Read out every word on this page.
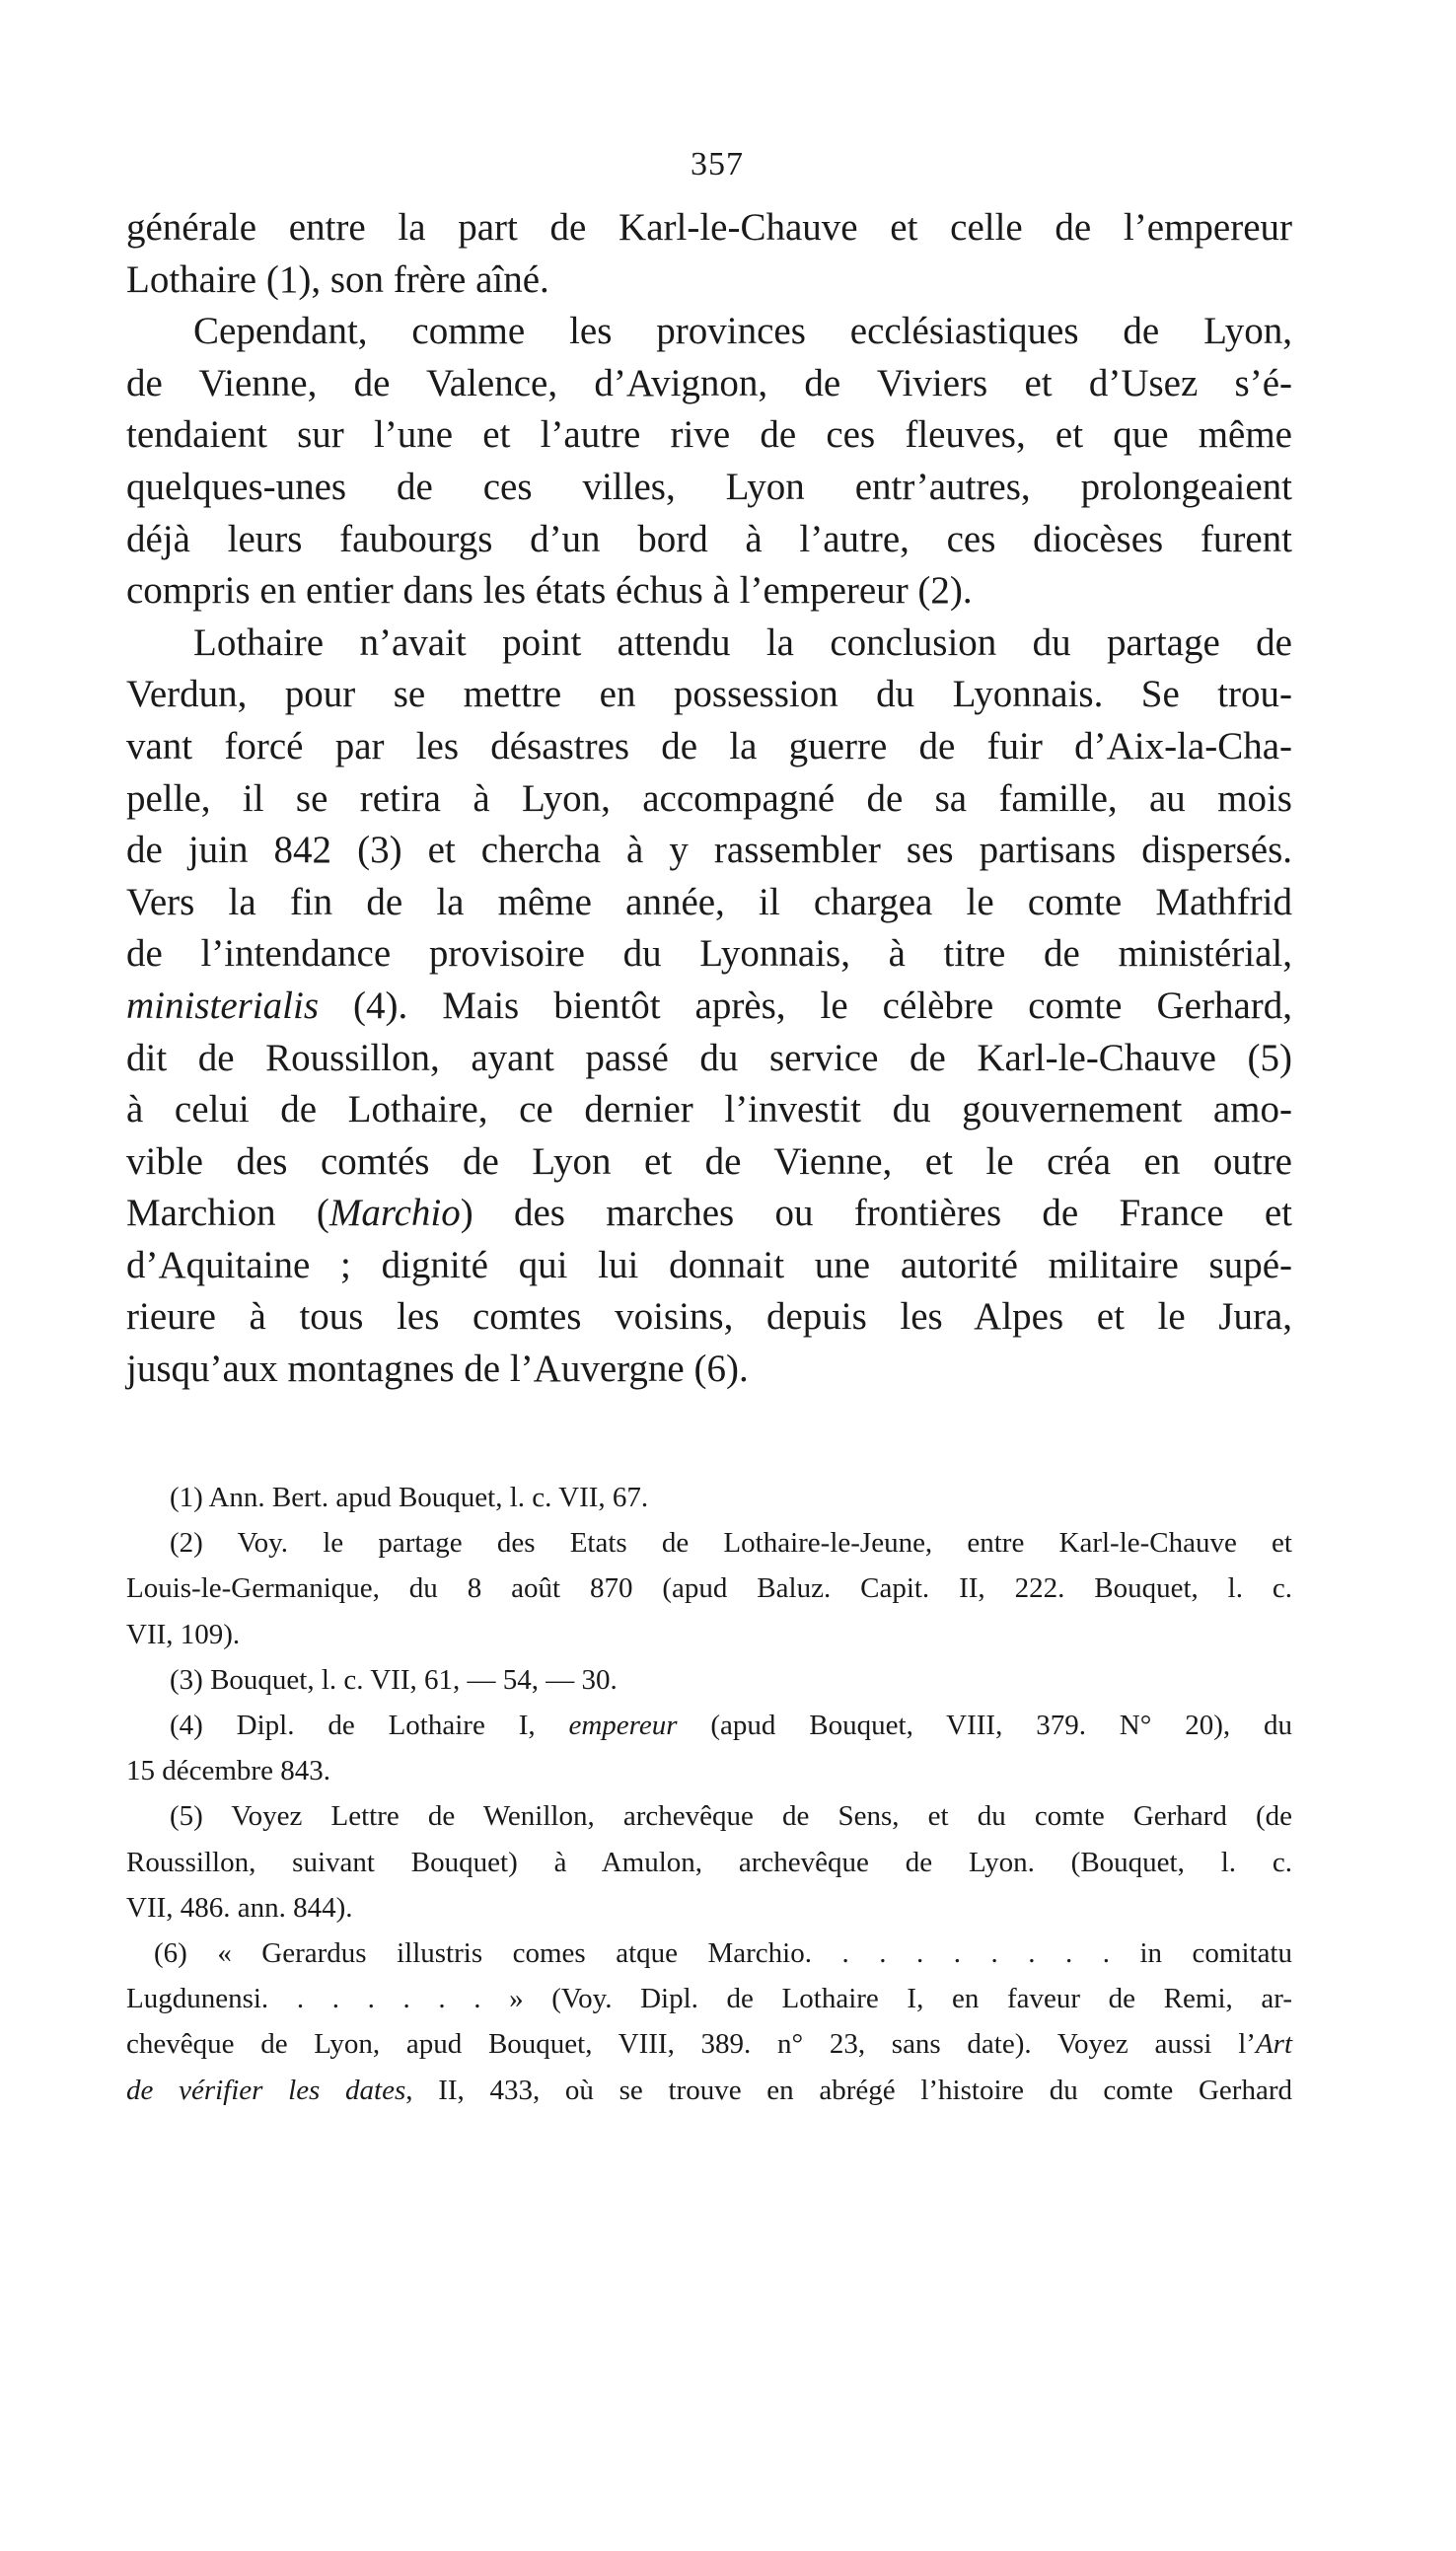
357
générale entre la part de Karl-le-Chauve et celle de l’empereur
Lothaire (1), son frère aîné.
Cependant, comme les provinces ecclésiastiques de Lyon,
de Vienne, de Valence, d’Avignon, de Viviers et d’Usez s’é-
tendaient sur l’une et l’autre rive de ces fleuves, et que même
quelques-unes de ces villes, Lyon entr’autres, prolongeaient
déjà leurs faubourgs d’un bord à l’autre, ces diocèses furent
compris en entier dans les états échus à l’empereur (2).
Lothaire n’avait point attendu la conclusion du partage de
Verdun, pour se mettre en possession du Lyonnais. Se trou-
vant forcé par les désastres de la guerre de fuir d’Aix-la-Cha-
pelle, il se retira à Lyon, accompagné de sa famille, au mois
de juin 842 (3) et chercha à y rassembler ses partisans dispersés.
Vers la fin de la même année, il chargea le comte Mathfrid
de l’intendance provisoire du Lyonnais, à titre de ministérial,
ministerialis (4). Mais bientôt après, le célèbre comte Gerhard,
dit de Roussillon, ayant passé du service de Karl-le-Chauve (5)
à celui de Lothaire, ce dernier l’investit du gouvernement amo-
vible des comtés de Lyon et de Vienne, et le créa en outre
Marchion (Marchio) des marches ou frontières de France et
d’Aquitaine ; dignité qui lui donnait une autorité militaire supé-
rieure à tous les comtes voisins, depuis les Alpes et le Jura,
jusqu’aux montagnes de l’Auvergne (6).
(1) Ann. Bert. apud Bouquet, l. c. VII, 67.
(2) Voy. le partage des Etats de Lothaire-le-Jeune, entre Karl-le-Chauve et
Louis-le-Germanique, du 8 août 870 (apud Baluz. Capit. II, 222. Bouquet, l. c.
VII, 109).
(3) Bouquet, l. c. VII, 61, — 54, — 30.
(4) Dipl. de Lothaire I, empereur (apud Bouquet, VIII, 379. N° 20), du
15 décembre 843.
(5) Voyez Lettre de Wenillon, archevêque de Sens, et du comte Gerhard (de
Roussillon, suivant Bouquet) à Amulon, archevêque de Lyon. (Bouquet, l. c.
VII, 486. ann. 844).
(6) « Gerardus illustris comes atque Marchio. . . . . . . . . in comitatu
Lugdunensi. . . . . . . » (Voy. Dipl. de Lothaire I, en faveur de Remi, ar-
chevêque de Lyon, apud Bouquet, VIII, 389. n° 23, sans date). Voyez aussi l’Art
de vérifier les dates, II, 433, où se trouve en abrégé l’histoire du comte Gerhard
